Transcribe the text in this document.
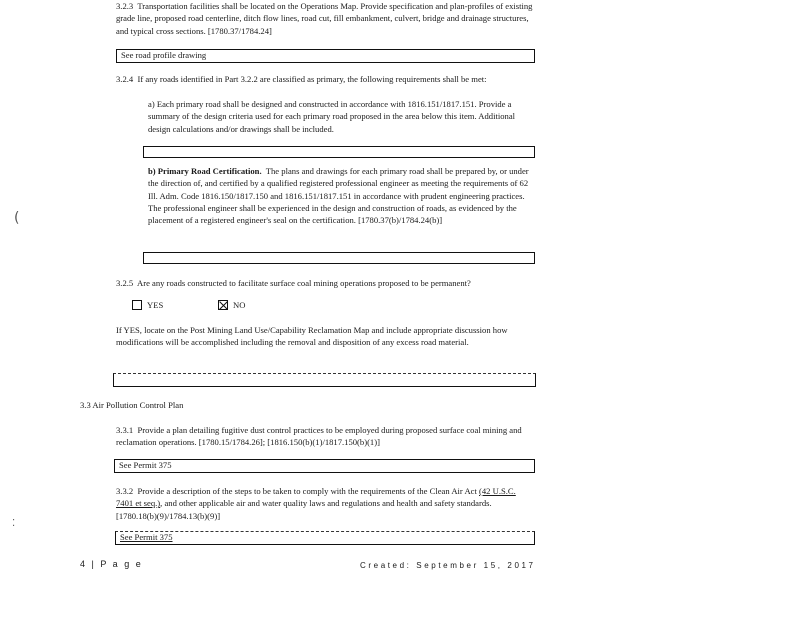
3.2.3 Transportation facilities shall be located on the Operations Map. Provide specification and plan-profiles of existing grade line, proposed road centerline, ditch flow lines, road cut, fill embankment, culvert, bridge and drainage structures, and typical cross sections. [1780.37/1784.24]
See road profile drawing
3.2.4 If any roads identified in Part 3.2.2 are classified as primary, the following requirements shall be met:
a) Each primary road shall be designed and constructed in accordance with 1816.151/1817.151. Provide a summary of the design criteria used for each primary road proposed in the area below this item. Additional design calculations and/or drawings shall be included.
b) Primary Road Certification. The plans and drawings for each primary road shall be prepared by, or under the direction of, and certified by a qualified registered professional engineer as meeting the requirements of 62 Ill. Adm. Code 1816.150/1817.150 and 1816.151/1817.151 in accordance with prudent engineering practices. The professional engineer shall be experienced in the design and construction of roads, as evidenced by the placement of a registered engineer's seal on the certification. [1780.37(b)/1784.24(b)]
3.2.5 Are any roads constructed to facilitate surface coal mining operations proposed to be permanent?
YES	NO
If YES, locate on the Post Mining Land Use/Capability Reclamation Map and include appropriate discussion how modifications will be accomplished including the removal and disposition of any excess road material.
3.3 Air Pollution Control Plan
3.3.1 Provide a plan detailing fugitive dust control practices to be employed during proposed surface coal mining and reclamation operations. [1780.15/1784.26]; [1816.150(b)(1)/1817.150(b)(1)]
See Permit 375
3.3.2 Provide a description of the steps to be taken to comply with the requirements of the Clean Air Act (42 U.S.C. 7401 et seq.), and other applicable air and water quality laws and regulations and health and safety standards. [1780.18(b)(9)/1784.13(b)(9)]
See Permit 375
4 | P a g e	Created: September 15, 2017
(
⁚
